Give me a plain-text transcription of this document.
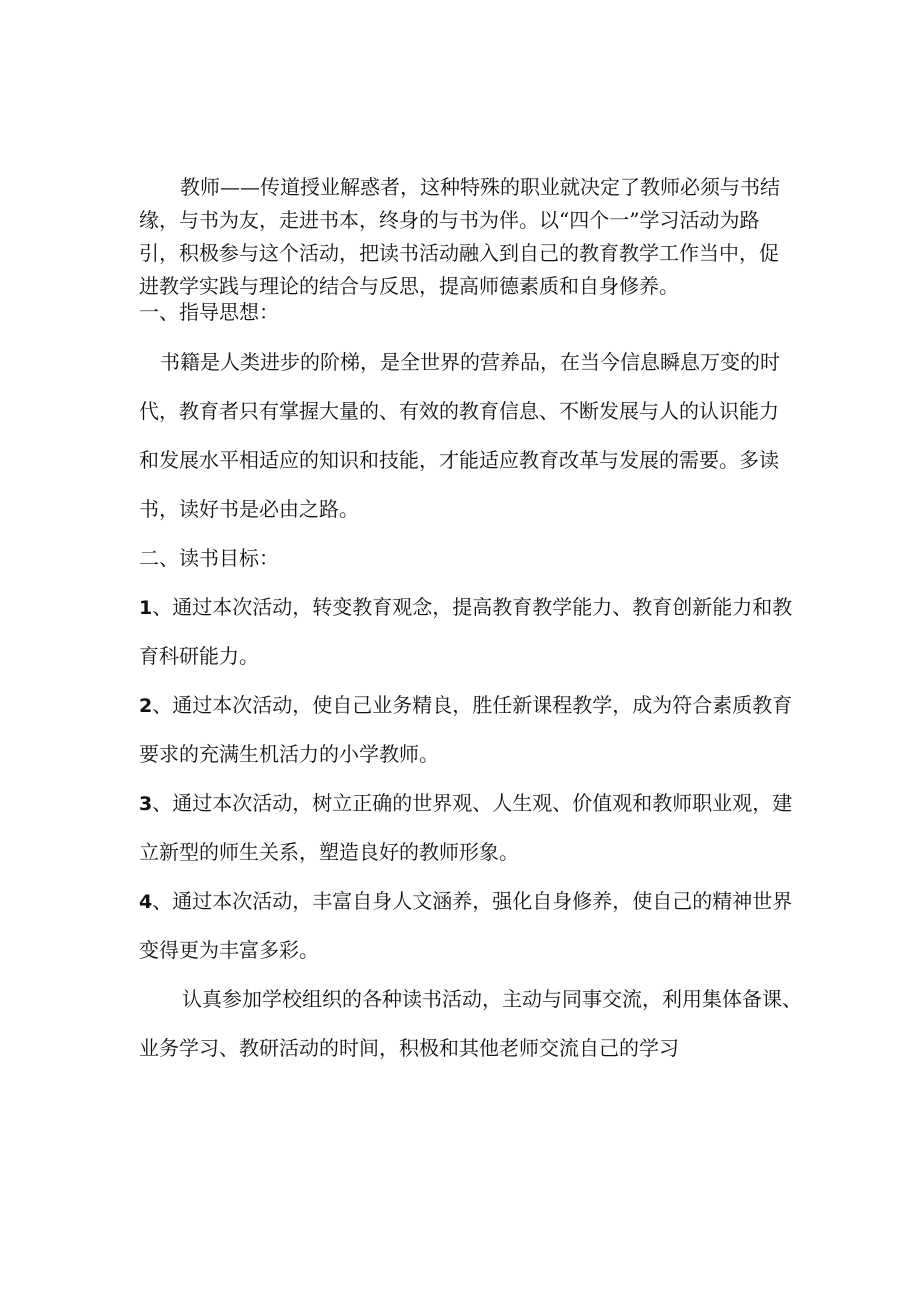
教师——传道授业解惑者，这种特殊的职业就决定了教师必须与书结

缘，与书为友，走进书本，终身的与书为伴。以“四个一”学习活动为路

引，积极参与这个活动，把读书活动融入到自己的教育教学工作当中，促

进教学实践与理论的结合与反思，提高师德素质和自身修养。

一、指导思想：

书籍是人类进步的阶梯，是全世界的营养品，在当今信息瞬息万变的时

代，教育者只有掌握大量的、有效的教育信息、不断发展与人的认识能力

和发展水平相适应的知识和技能，才能适应教育改革与发展的需要。多读

书，读好书是必由之路。

二、读书目标：

1、通过本次活动，转变教育观念，提高教育教学能力、教育创新能力和教

育科研能力。

2、通过本次活动，使自己业务精良，胜任新课程教学，成为符合素质教育

要求的充满生机活力的小学教师。

3、通过本次活动，树立正确的世界观、人生观、价值观和教师职业观，建

立新型的师生关系，塑造良好的教师形象。

4、通过本次活动，丰富自身人文涵养，强化自身修养，使自己的精神世界

变得更为丰富多彩。

认真参加学校组织的各种读书活动，主动与同事交流，利用集体备课、

业务学习、教研活动的时间，积极和其他老师交流自己的学习
